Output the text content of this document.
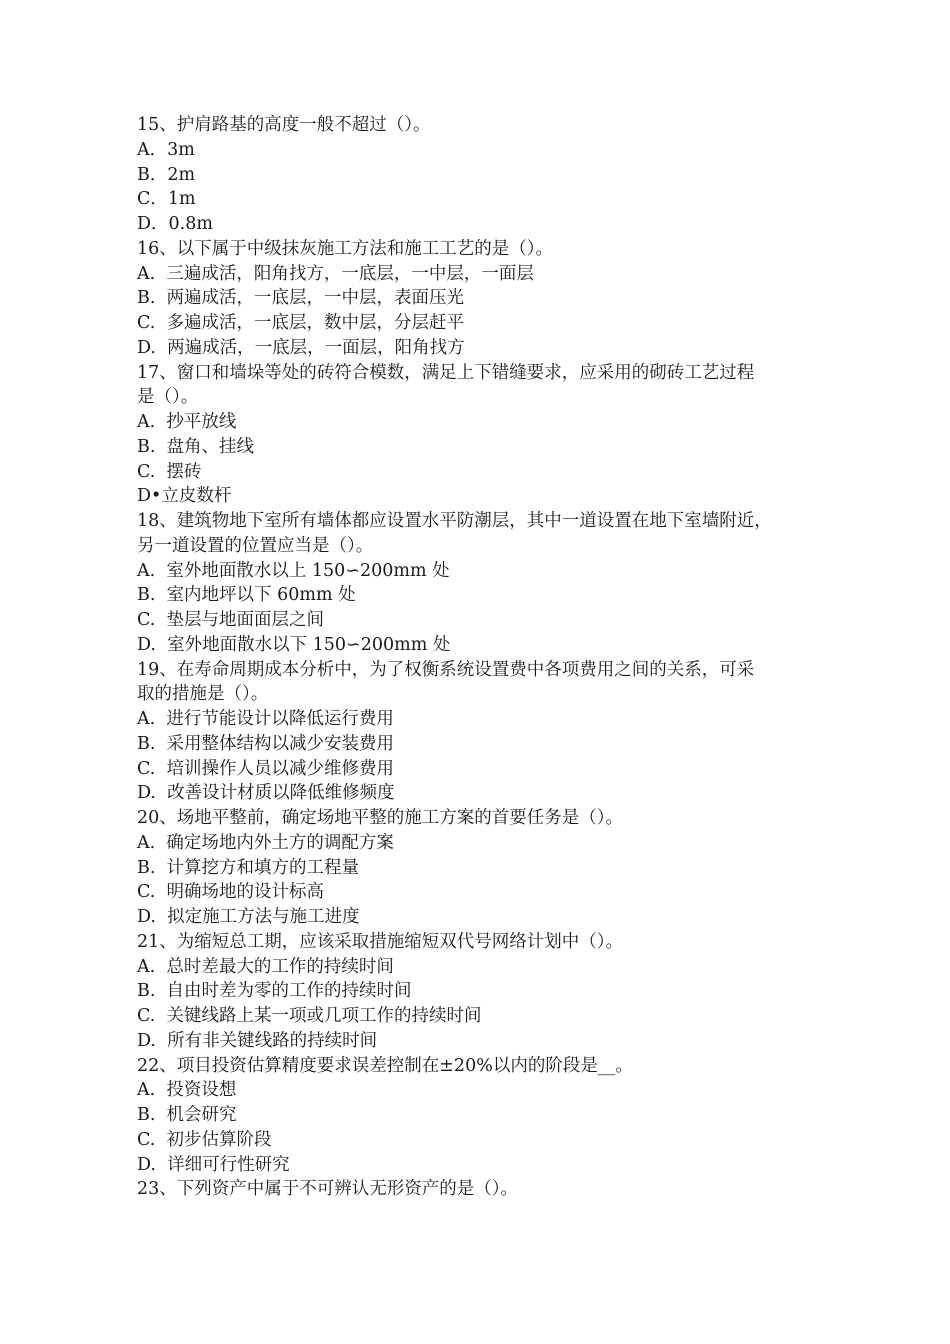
15、护肩路基的高度一般不超过（）。

A．3m

B．2m

C．1m

D．0.8m

16、以下属于中级抹灰施工方法和施工工艺的是（）。

A.  三遍成活，阳角找方，一底层，一中层，一面层

B.  两遍成活，一底层，一中层，表面压光

C.  多遍成活，一底层，数中层，分层赶平

D.  两遍成活，一底层，一面层，阳角找方

17、窗口和墙垛等处的砖符合模数，满足上下错缝要求，应采用的砌砖工艺过程

是（）。

A.  抄平放线

B.  盘角、挂线

C.  摆砖

D•立皮数杆

18、建筑物地下室所有墙体都应设置水平防潮层，其中一道设置在地下室墙附近，

另一道设置的位置应当是（）。

A.  室外地面散水以上 150∽200mm 处

B.  室内地坪以下 60mm 处

C.  垫层与地面面层之间

D.  室外地面散水以下 150∽200mm 处

19、在寿命周期成本分析中，为了权衡系统设置费中各项费用之间的关系，可采

取的措施是（）。

A.  进行节能设计以降低运行费用

B.  采用整体结构以减少安装费用

C.  培训操作人员以减少维修费用

D.  改善设计材质以降低维修频度

20、场地平整前，确定场地平整的施工方案的首要任务是（）。

A.  确定场地内外土方的调配方案

B.  计算挖方和填方的工程量

C.  明确场地的设计标高

D.  拟定施工方法与施工进度

21、为缩短总工期，应该采取措施缩短双代号网络计划中（）。

A.  总时差最大的工作的持续时间

B.  自由时差为零的工作的持续时间

C.  关键线路上某一项或几项工作的持续时间

D.  所有非关键线路的持续时间

22、项目投资估算精度要求误差控制在±20%以内的阶段是__。

A.  投资设想

B.  机会研究

C.  初步估算阶段

D.  详细可行性研究

23、下列资产中属于不可辨认无形资产的是（）。
